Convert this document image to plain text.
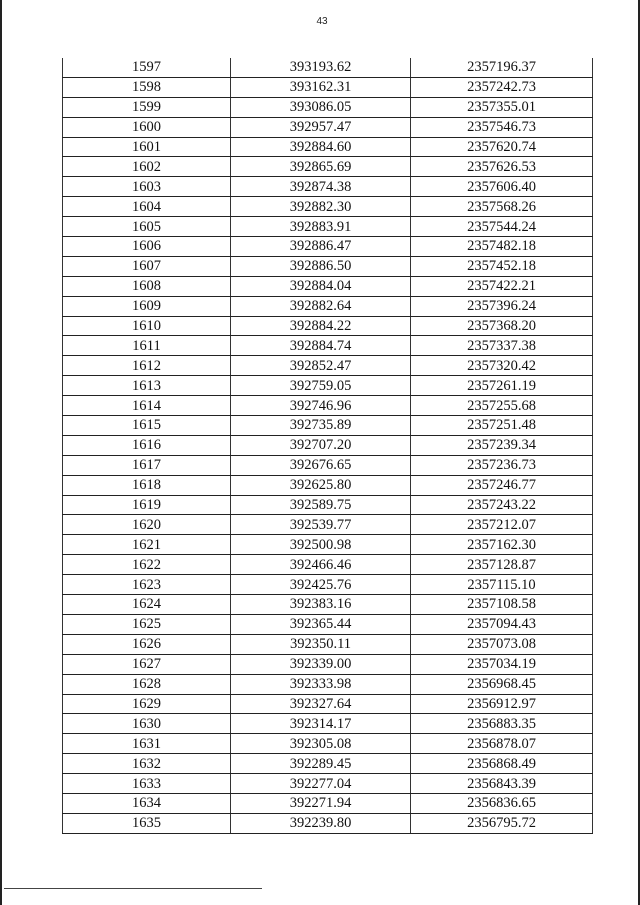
43
1597	393193.62	2357196.37
1598	393162.31	2357242.73
1599	393086.05	2357355.01
1600	392957.47	2357546.73
1601	392884.60	2357620.74
1602	392865.69	2357626.53
1603	392874.38	2357606.40
1604	392882.30	2357568.26
1605	392883.91	2357544.24
1606	392886.47	2357482.18
1607	392886.50	2357452.18
1608	392884.04	2357422.21
1609	392882.64	2357396.24
1610	392884.22	2357368.20
1611	392884.74	2357337.38
1612	392852.47	2357320.42
1613	392759.05	2357261.19
1614	392746.96	2357255.68
1615	392735.89	2357251.48
1616	392707.20	2357239.34
1617	392676.65	2357236.73
1618	392625.80	2357246.77
1619	392589.75	2357243.22
1620	392539.77	2357212.07
1621	392500.98	2357162.30
1622	392466.46	2357128.87
1623	392425.76	2357115.10
1624	392383.16	2357108.58
1625	392365.44	2357094.43
1626	392350.11	2357073.08
1627	392339.00	2357034.19
1628	392333.98	2356968.45
1629	392327.64	2356912.97
1630	392314.17	2356883.35
1631	392305.08	2356878.07
1632	392289.45	2356868.49
1633	392277.04	2356843.39
1634	392271.94	2356836.65
1635	392239.80	2356795.72
